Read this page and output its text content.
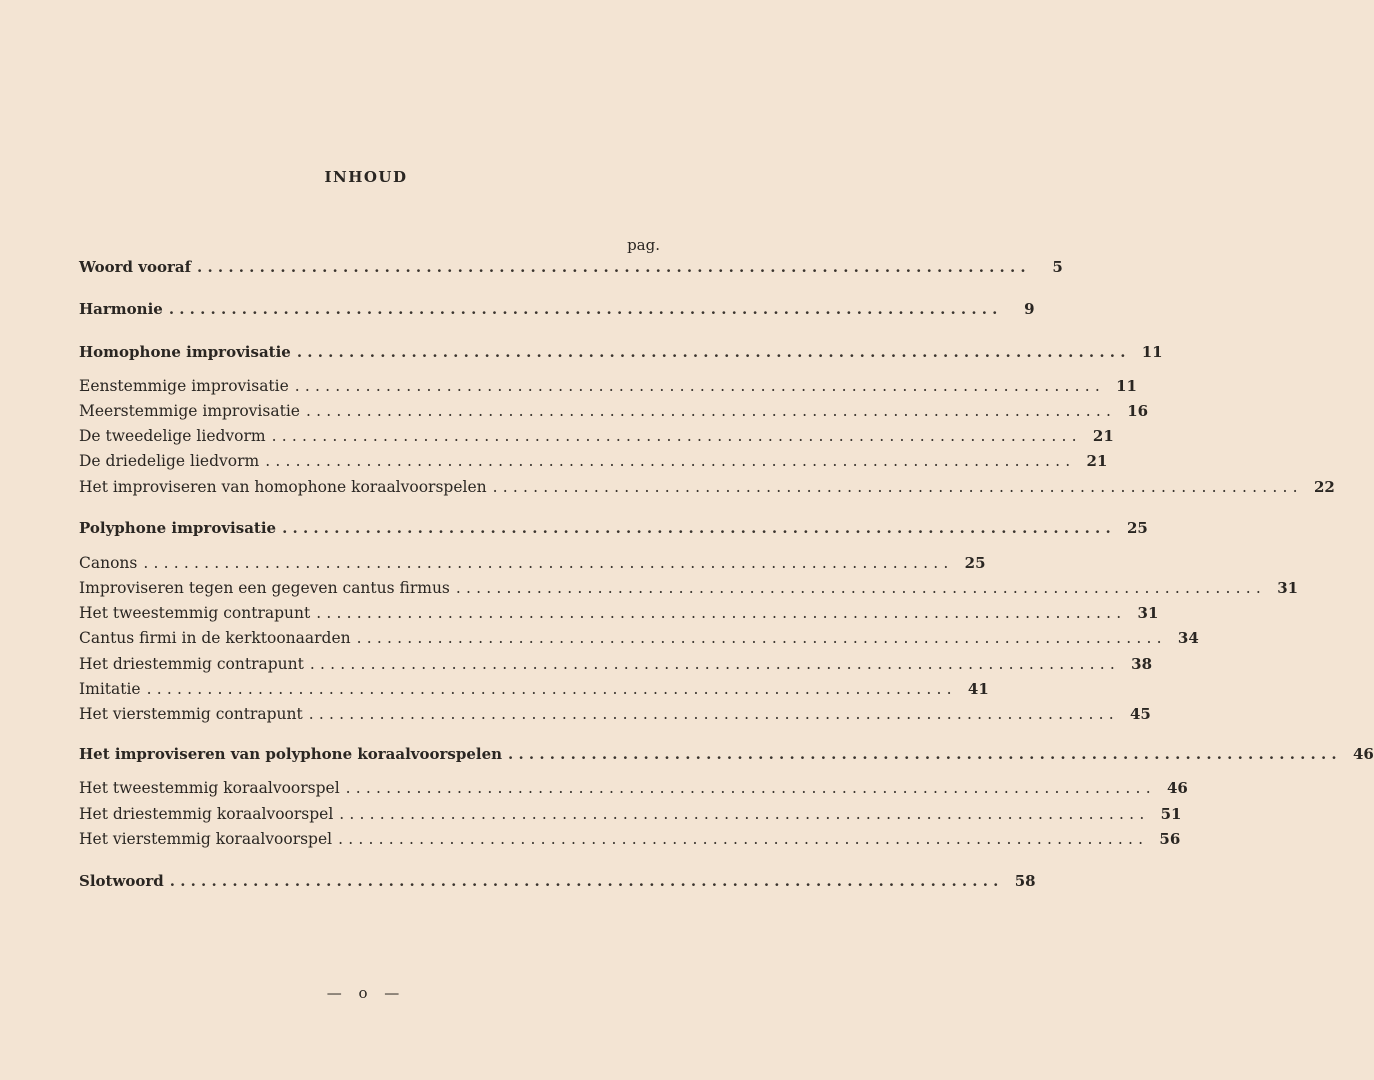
INHOUD
pag.
Woord vooraf ................................................................................	5
Harmonie ................................................................................	9
Homophone improvisatie ................................................................................ 11
Eenstemmige improvisatie ................................................................................ 11
Meerstemmige improvisatie ................................................................................ 16
De tweedelige liedvorm ................................................................................ 21
De driedelige liedvorm ................................................................................ 21
Het improviseren van homophone koraalvoorspelen ................................................................................ 22
Polyphone improvisatie ................................................................................ 25
Canons ................................................................................ 25
Improviseren tegen een gegeven cantus firmus ................................................................................ 31
Het tweestemmig contrapunt ................................................................................ 31
Cantus firmi in de kerktoonaarden ................................................................................ 34
Het driestemmig contrapunt ................................................................................ 38
Imitatie ................................................................................ 41
Het vierstemmig contrapunt ................................................................................ 45
Het improviseren van polyphone koraalvoorspelen ................................................................................ 46
Het tweestemmig koraalvoorspel ................................................................................ 46
Het driestemmig koraalvoorspel ................................................................................ 51
Het vierstemmig koraalvoorspel ................................................................................ 56
Slotwoord ................................................................................ 58
— o —
